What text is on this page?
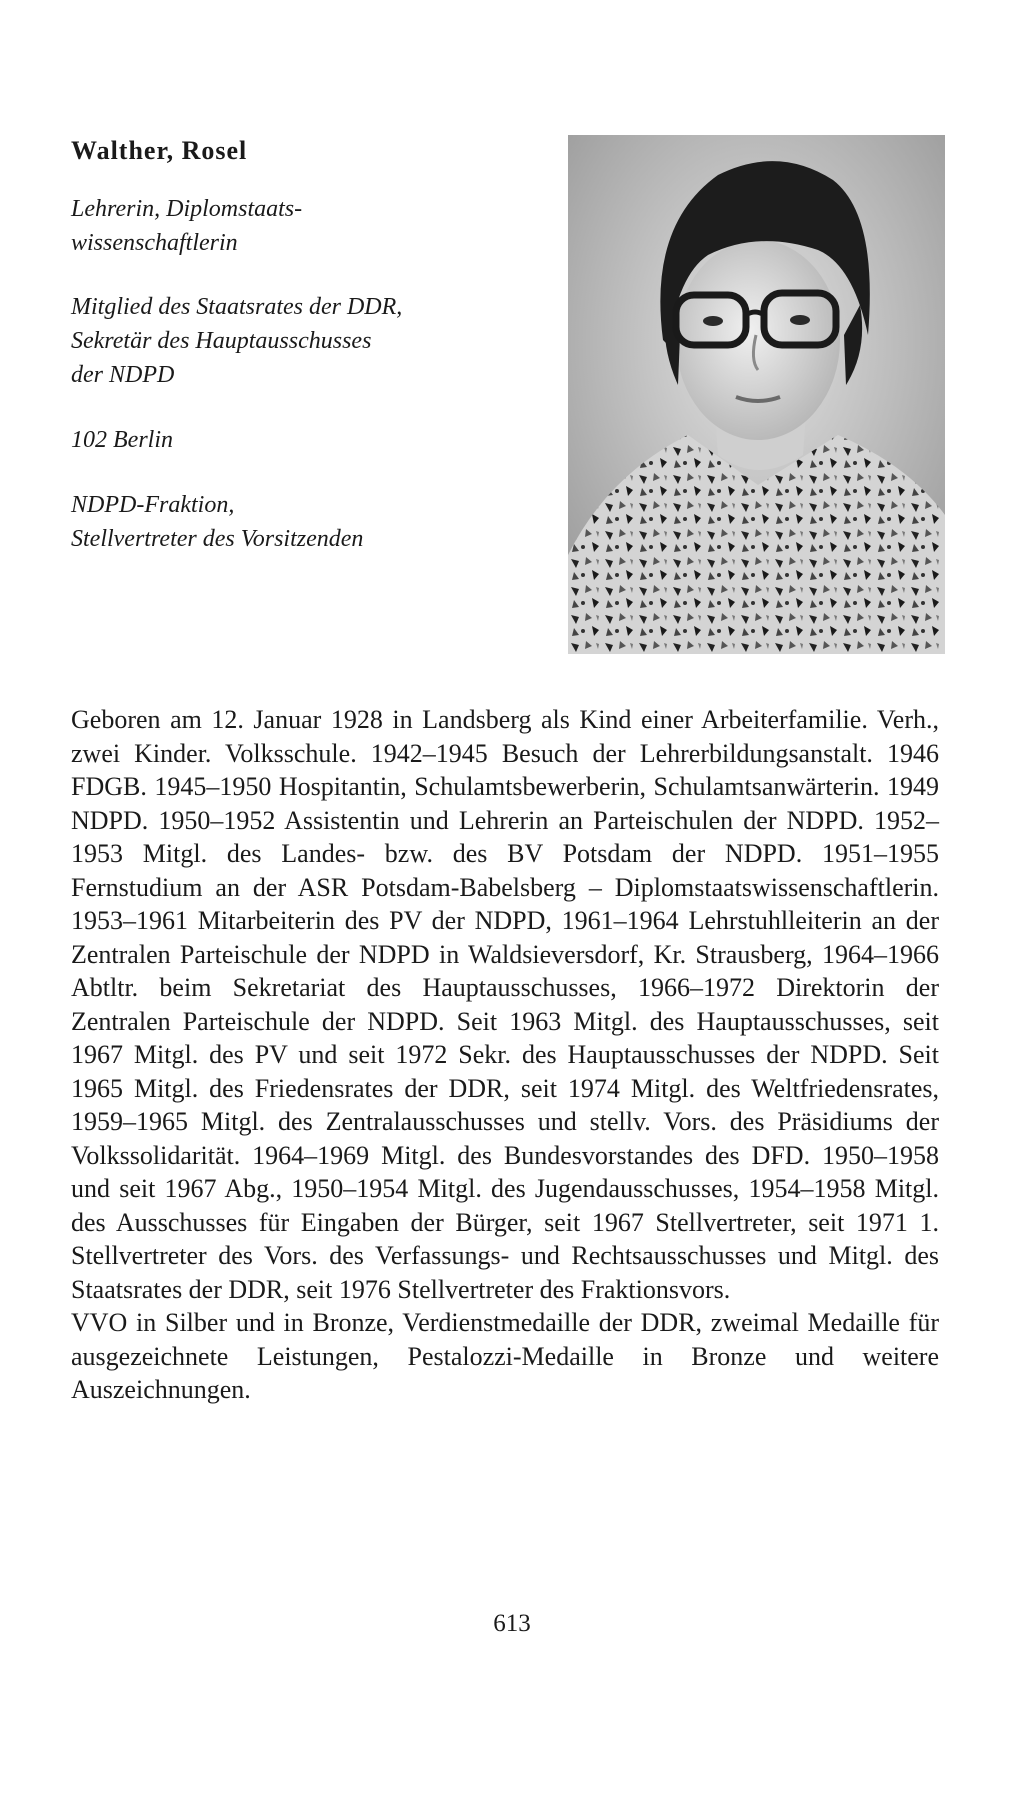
Walther, Rosel
Lehrerin, Diplomstaats-
wissenschaftlerin
Mitglied des Staatsrates der DDR,
Sekretär des Hauptausschusses
der NDPD
102 Berlin
NDPD-Fraktion,
Stellvertreter des Vorsitzenden

Geboren am 12. Januar 1928 in Landsberg als Kind einer Arbeiterfamilie. Verh., zwei Kinder. Volksschule. 1942–1945 Besuch der Lehrerbildungsanstalt. 1946 FDGB. 1945–1950 Hospitantin, Schulamtsbewerberin, Schulamtsanwärterin. 1949 NDPD. 1950–1952 Assistentin und Lehrerin an Parteischulen der NDPD. 1952–1953 Mitgl. des Landes- bzw. des BV Potsdam der NDPD. 1951–1955 Fernstudium an der ASR Potsdam-Babelsberg – Diplomstaatswissenschaftlerin. 1953–1961 Mitarbeiterin des PV der NDPD, 1961–1964 Lehrstuhlleiterin an der Zentralen Parteischule der NDPD in Waldsieversdorf, Kr. Strausberg, 1964–1966 Abtltr. beim Sekretariat des Hauptausschusses, 1966–1972 Direktorin der Zentralen Parteischule der NDPD. Seit 1963 Mitgl. des Hauptausschusses, seit 1967 Mitgl. des PV und seit 1972 Sekr. des Hauptausschusses der NDPD. Seit 1965 Mitgl. des Friedensrates der DDR, seit 1974 Mitgl. des Weltfriedensrates, 1959–1965 Mitgl. des Zentralausschusses und stellv. Vors. des Präsidiums der Volkssolidarität. 1964–1969 Mitgl. des Bundesvorstandes des DFD. 1950–1958 und seit 1967 Abg., 1950–1954 Mitgl. des Jugendausschusses, 1954–1958 Mitgl. des Ausschusses für Eingaben der Bürger, seit 1967 Stellvertreter, seit 1971 1. Stellvertreter des Vors. des Verfassungs- und Rechtsausschusses und Mitgl. des Staatsrates der DDR, seit 1976 Stellvertreter des Fraktionsvors.

VVO in Silber und in Bronze, Verdienstmedaille der DDR, zweimal Medaille für ausgezeichnete Leistungen, Pestalozzi-Medaille in Bronze und weitere Auszeichnungen.

613
